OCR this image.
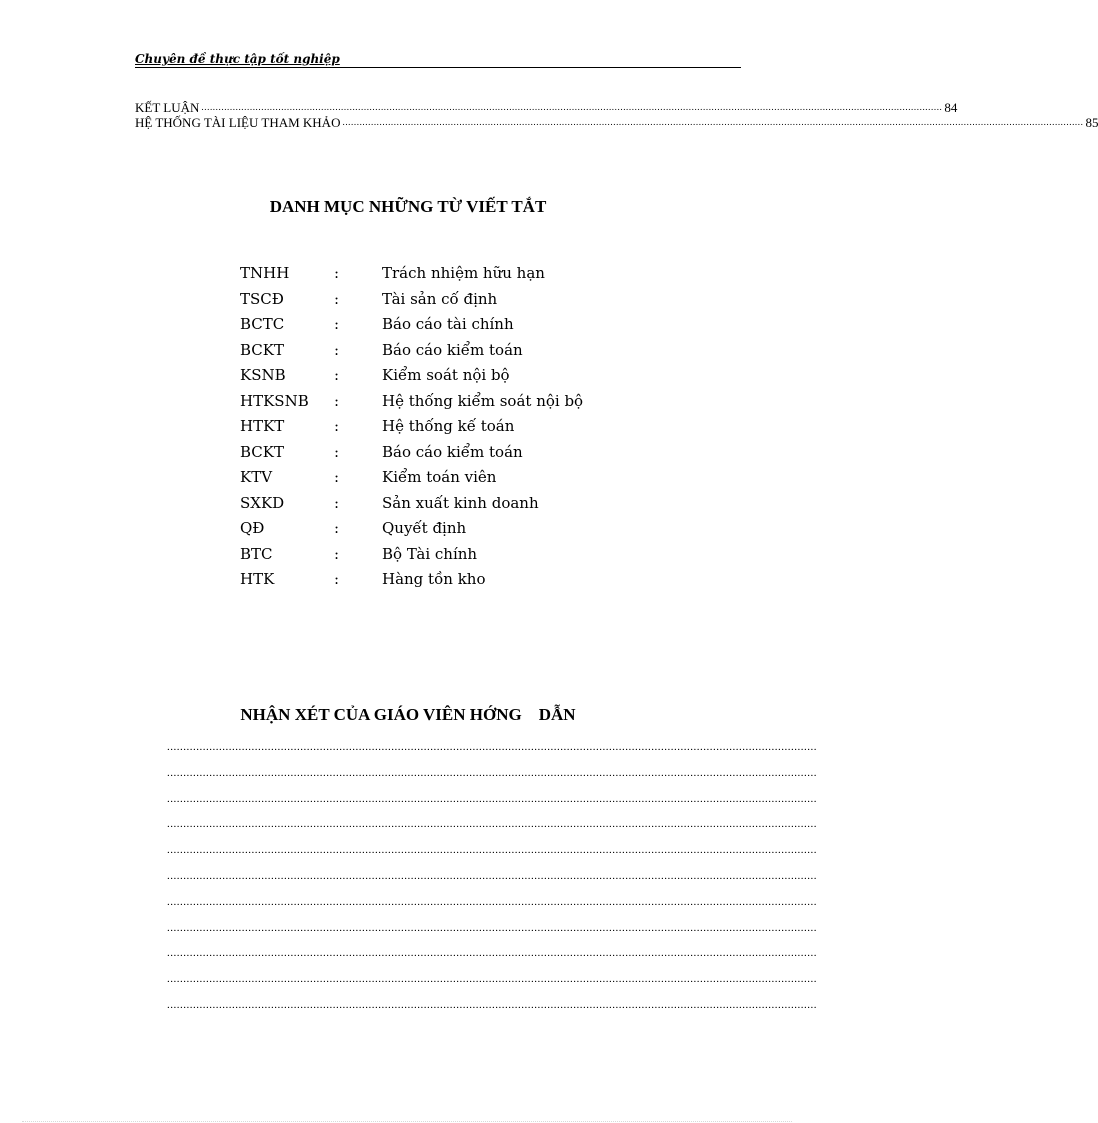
Chuyên đề thực tập tốt nghiệp
KẾT LUẬN .................................................................................................................................................................................................................................................................... 84
HỆ THỐNG TÀI LIỆU THAM KHẢO .................................................................................................................................................................................................................................................................... 85
DANH MỤC NHỮNG TỪ VIẾT TẮT
TNHH	:	Trách nhiệm hữu hạn
TSCĐ	:	Tài sản cố định
BCTC	:	Báo cáo tài chính
BCKT	:	Báo cáo kiểm toán
KSNB	:	Kiểm soát nội bộ
HTKSNB	:	Hệ thống kiểm soát nội bộ
HTKT	:	Hệ thống kế toán
BCKT	:	Báo cáo kiểm toán
KTV	:	Kiểm toán viên
SXKD	:	Sản xuất kinh doanh
QĐ	:	Quyết định
BTC	:	Bộ Tài chính
HTK	:	Hàng tồn kho
NHẬN XÉT CỦA GIÁO VIÊN HỚNG    DẪN
........................................................................................................................................................................................................
........................................................................................................................................................................................................
........................................................................................................................................................................................................
........................................................................................................................................................................................................
........................................................................................................................................................................................................
........................................................................................................................................................................................................
........................................................................................................................................................................................................
........................................................................................................................................................................................................
........................................................................................................................................................................................................
........................................................................................................................................................................................................
........................................................................................................................................................................................................
